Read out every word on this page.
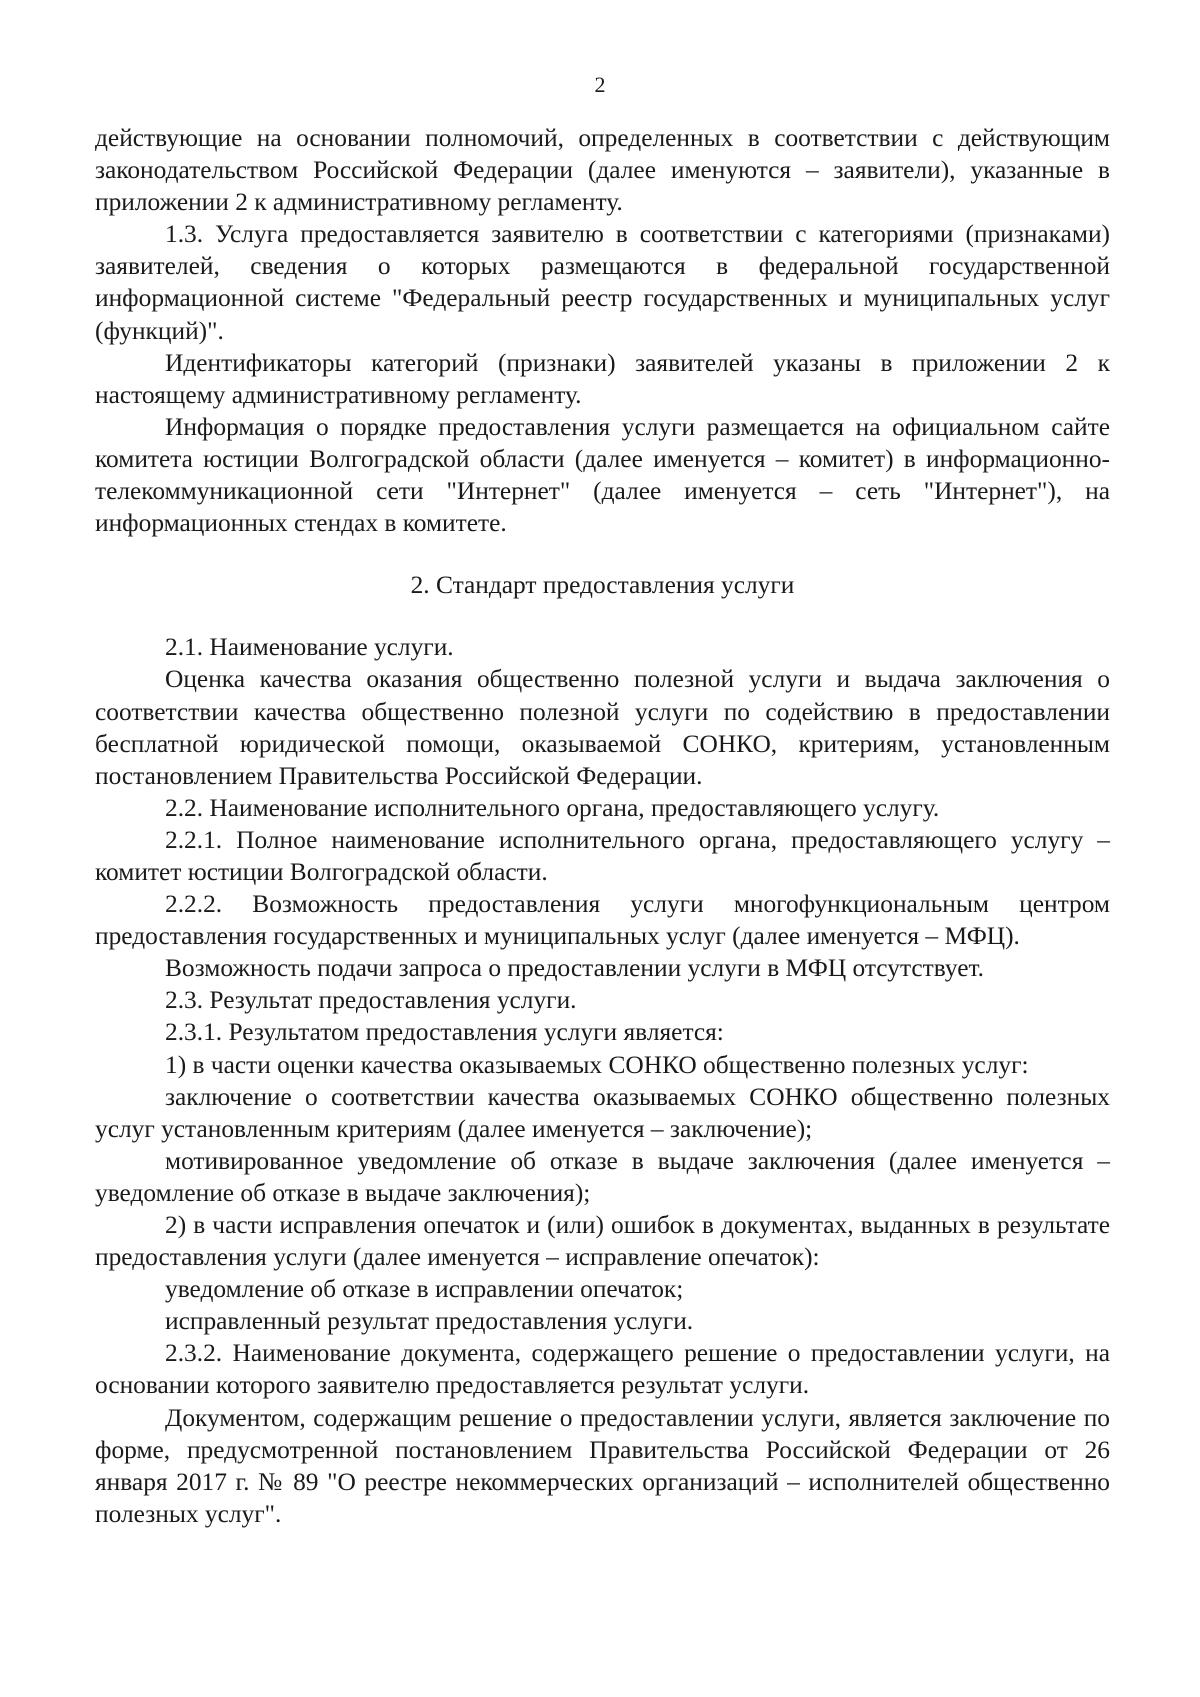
2

действующие на основании полномочий, определенных в соответствии с действующим законодательством Российской Федерации (далее именуются – заявители), указанные в приложении 2 к административному регламенту.

1.3. Услуга предоставляется заявителю в соответствии с категориями (признаками) заявителей, сведения о которых размещаются в федеральной государственной информационной системе "Федеральный реестр государственных и муниципальных услуг (функций)".

Идентификаторы категорий (признаки) заявителей указаны в приложении 2 к настоящему административному регламенту.

Информация о порядке предоставления услуги размещается на официальном сайте комитета юстиции Волгоградской области (далее именуется – комитет) в информационно-телекоммуникационной сети "Интернет" (далее именуется – сеть "Интернет"), на информационных стендах в комитете.

2. Стандарт предоставления услуги

2.1. Наименование услуги.

Оценка качества оказания общественно полезной услуги и выдача заключения о соответствии качества общественно полезной услуги по содействию в предоставлении бесплатной юридической помощи, оказываемой СОНКО, критериям, установленным постановлением Правительства Российской Федерации.

2.2. Наименование исполнительного органа, предоставляющего услугу.

2.2.1. Полное наименование исполнительного органа, предоставляющего услугу – комитет юстиции Волгоградской области.

2.2.2. Возможность предоставления услуги многофункциональным центром предоставления государственных и муниципальных услуг (далее именуется – МФЦ).

Возможность подачи запроса о предоставлении услуги в МФЦ отсутствует.

2.3. Результат предоставления услуги.

2.3.1. Результатом предоставления услуги является:

1) в части оценки качества оказываемых СОНКО общественно полезных услуг:

заключение о соответствии качества оказываемых СОНКО общественно полезных услуг установленным критериям (далее именуется – заключение);

мотивированное уведомление об отказе в выдаче заключения (далее именуется – уведомление об отказе в выдаче заключения);

2) в части исправления опечаток и (или) ошибок в документах, выданных в результате предоставления услуги (далее именуется – исправление опечаток):

уведомление об отказе в исправлении опечаток;

исправленный результат предоставления услуги.

2.3.2. Наименование документа, содержащего решение о предоставлении услуги, на основании которого заявителю предоставляется результат услуги.

Документом, содержащим решение о предоставлении услуги, является заключение по форме, предусмотренной постановлением Правительства Российской Федерации от 26 января 2017 г. № 89 "О реестре некоммерческих организаций – исполнителей общественно полезных услуг".
